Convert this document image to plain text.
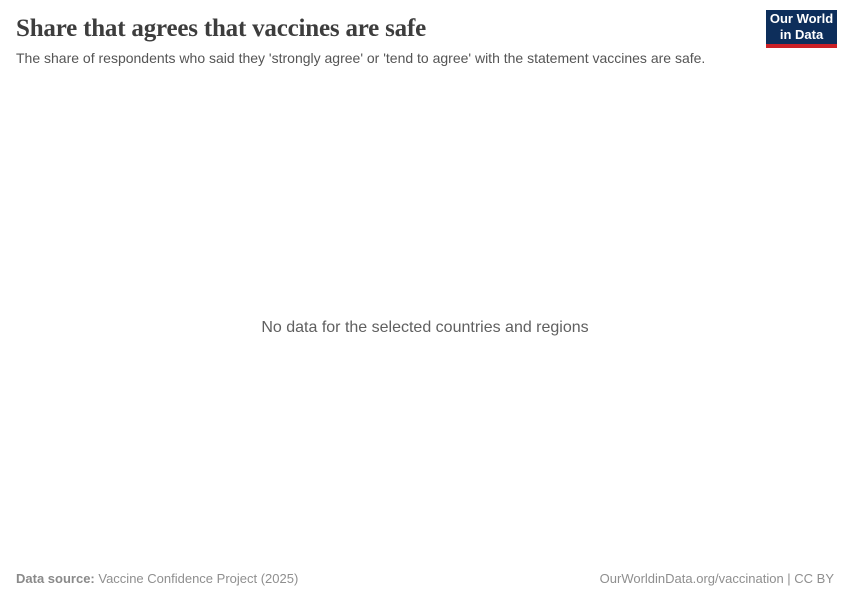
Share that agrees that vaccines are safe

The share of respondents who said they 'strongly agree' or 'tend to agree' with the statement vaccines are safe.

Our World
in Data
No data for the selected countries and regions
Data source: Vaccine Confidence Project (2025)	OurWorldinData.org/vaccination | CC BY
